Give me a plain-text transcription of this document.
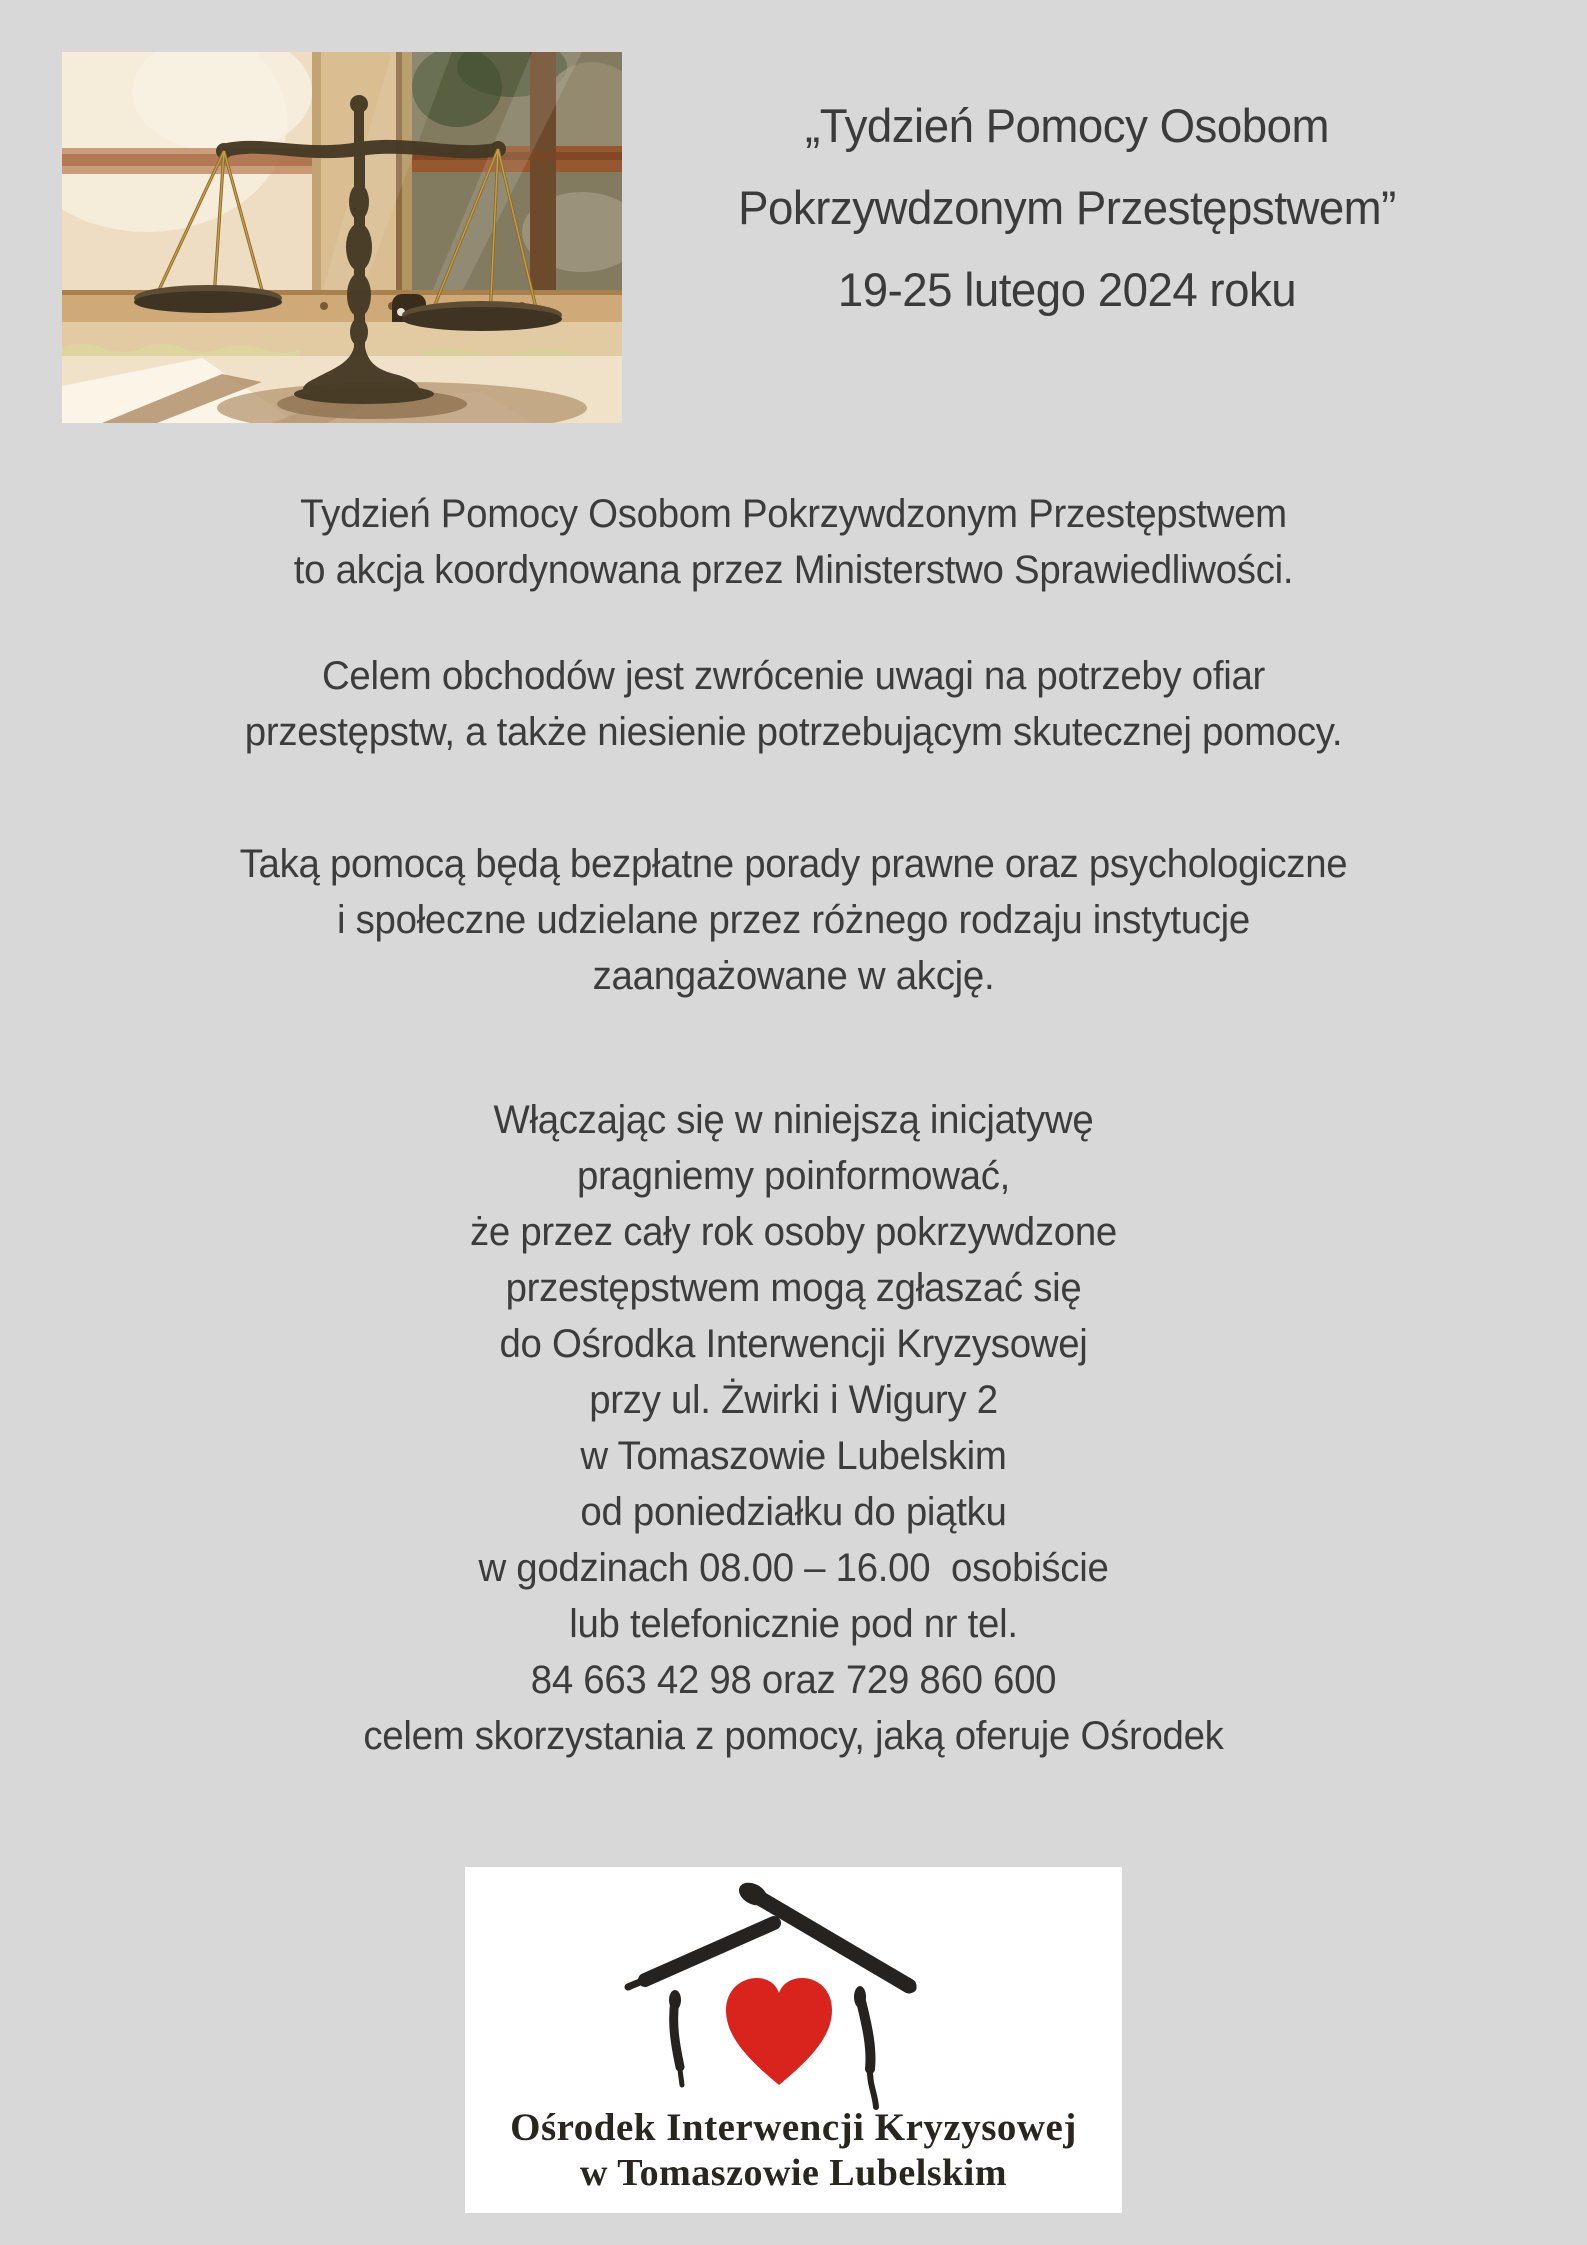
„Tydzień Pomocy Osobom
Pokrzywdzonym Przestępstwem”
19-25 lutego 2024 roku
Tydzień Pomocy Osobom Pokrzywdzonym Przestępstwem
to akcja koordynowana przez Ministerstwo Sprawiedliwości.
Celem obchodów jest zwrócenie uwagi na potrzeby ofiar
przestępstw, a także niesienie potrzebującym skutecznej pomocy.
Taką pomocą będą bezpłatne porady prawne oraz psychologiczne
i społeczne udzielane przez różnego rodzaju instytucje
zaangażowane w akcję.
Włączając się w niniejszą inicjatywę
pragniemy poinformować,
że przez cały rok osoby pokrzywdzone
przestępstwem mogą zgłaszać się
do Ośrodka Interwencji Kryzysowej
przy ul. Żwirki i Wigury 2
w Tomaszowie Lubelskim
od poniedziałku do piątku
w godzinach 08.00 – 16.00  osobiście
lub telefonicznie pod nr tel.
84 663 42 98 oraz 729 860 600
celem skorzystania z pomocy, jaką oferuje Ośrodek
Ośrodek Interwencji Kryzysowej
w Tomaszowie Lubelskim
